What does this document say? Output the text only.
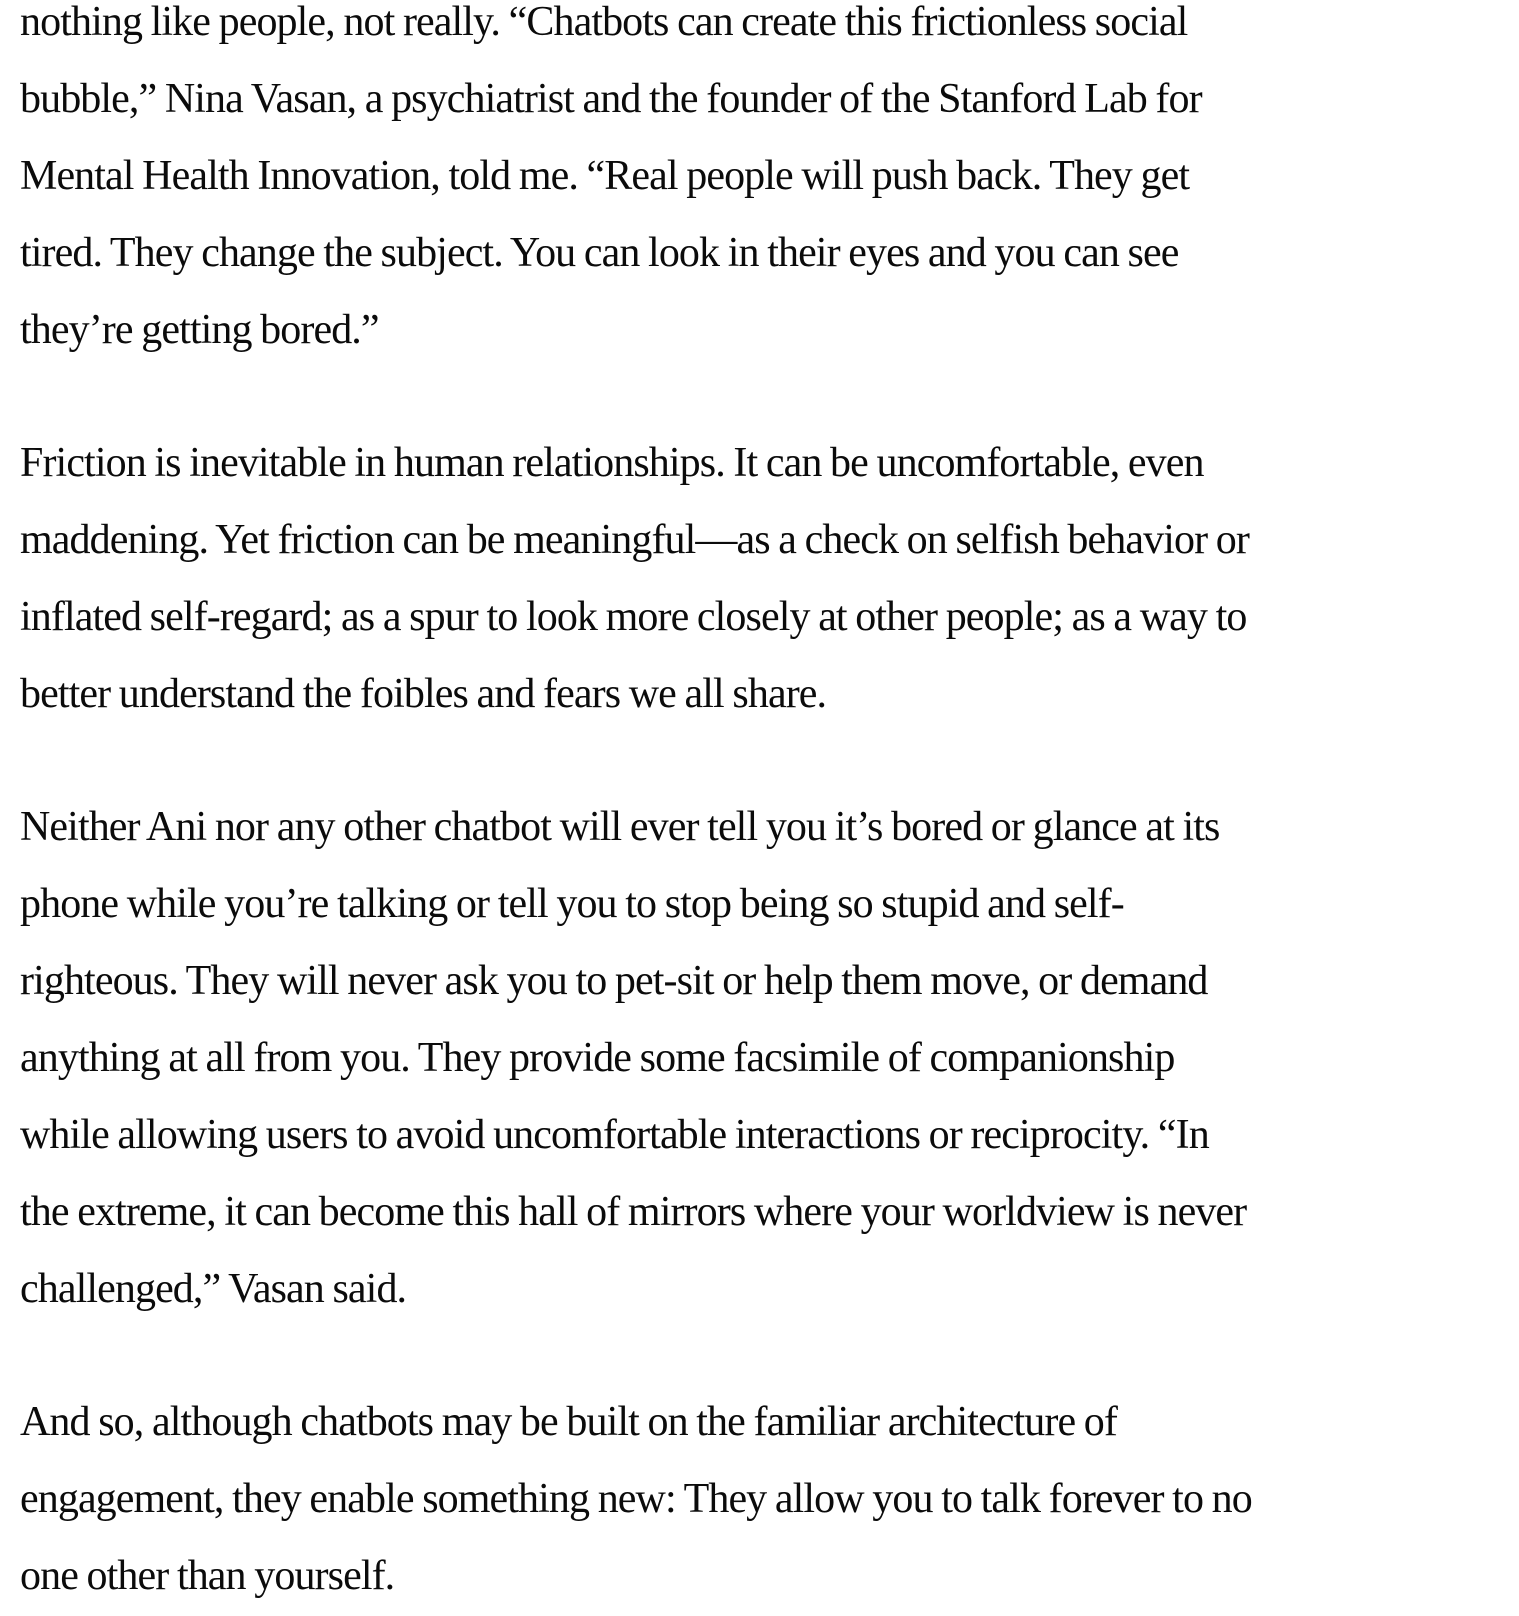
nothing like people, not really. “Chatbots can create this frictionless social
bubble,” Nina Vasan, a psychiatrist and the founder of the Stanford Lab for
Mental Health Innovation, told me. “Real people will push back. They get
tired. They change the subject. You can look in their eyes and you can see
they’re getting bored.”

Friction is inevitable in human relationships. It can be uncomfortable, even
maddening. Yet friction can be meaningful—as a check on selfish behavior or
inflated self-regard; as a spur to look more closely at other people; as a way to
better understand the foibles and fears we all share.

Neither Ani nor any other chatbot will ever tell you it’s bored or glance at its
phone while you’re talking or tell you to stop being so stupid and self-
righteous. They will never ask you to pet-sit or help them move, or demand
anything at all from you. They provide some facsimile of companionship
while allowing users to avoid uncomfortable interactions or reciprocity. “In
the extreme, it can become this hall of mirrors where your worldview is never
challenged,” Vasan said.

And so, although chatbots may be built on the familiar architecture of
engagement, they enable something new: They allow you to talk forever to no
one other than yourself.
